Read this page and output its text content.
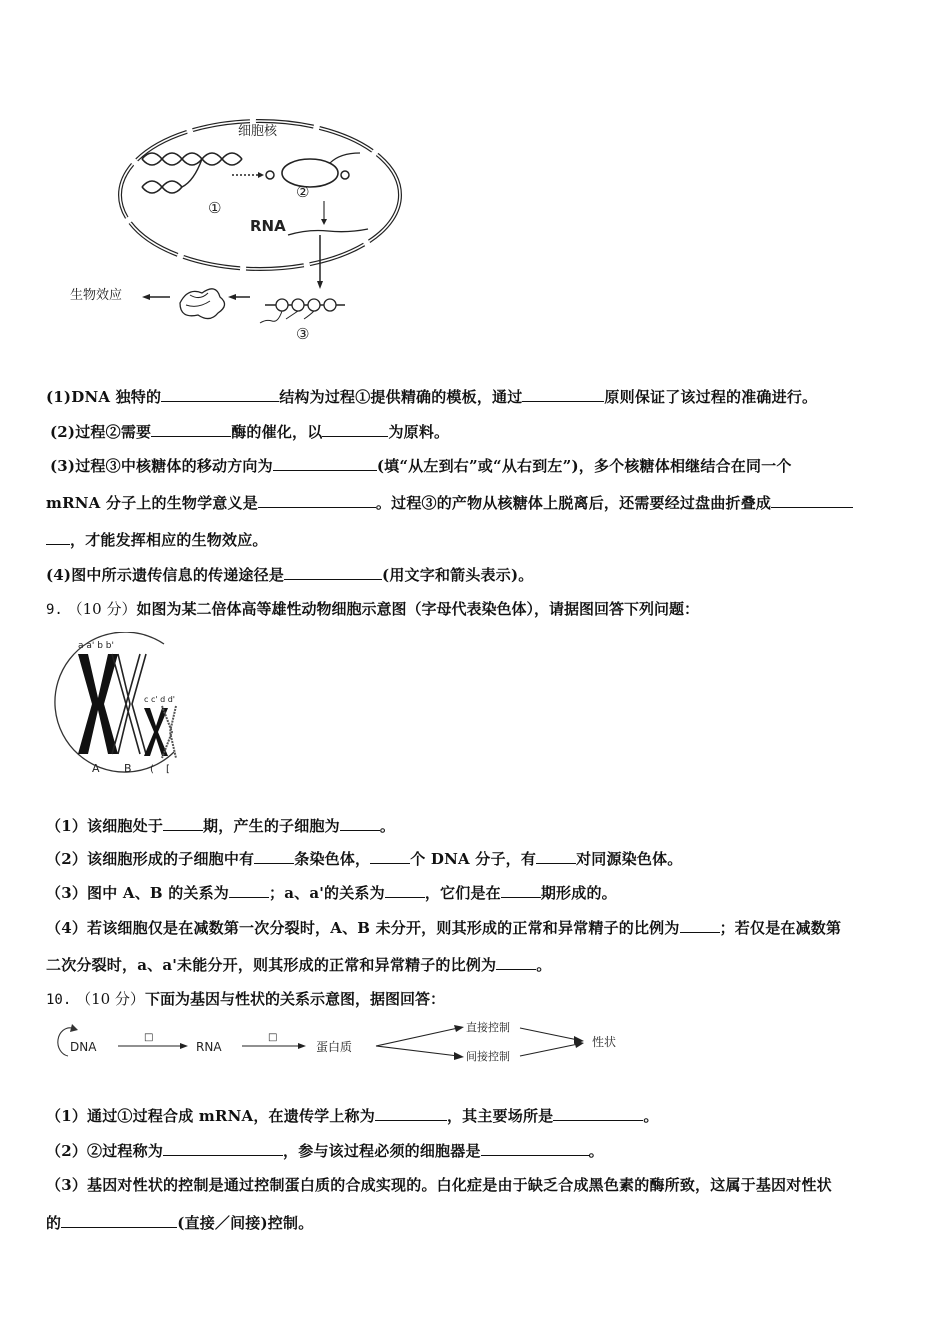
①
②
细胞核
RNA
③
生物效应
(1)DNA 独特的	结构为过程①提供精确的模板，通过	原则保证了该过程的准确进行。
(2)过程②需要	酶的催化，以	为原料。
(3)过程③中核糖体的移动方向为	(填“从左到右”或“从右到左”)，多个核糖体相继结合在同一个
mRNA 分子上的生物学意义是	。过程③的产物从核糖体上脱离后，还需要经过盘曲折叠成
，才能发挥相应的生物效应。
(4)图中所示遗传信息的传递途径是	(用文字和箭头表示)。
9. （10 分）如图为某二倍体高等雄性动物细胞示意图（字母代表染色体），请据图回答下列问题：
a a' b b'
c c' d d'
A B ( [
（1）该细胞处于	期，产生的子细胞为	。
（2）该细胞形成的子细胞中有	条染色体，	个 DNA 分子，有	对同源染色体。
（3）图中 A、B 的关系为	；a、a'的关系为	，它们是在	期形成的。
（4）若该细胞仅是在减数第一次分裂时，A、B 未分开，则其形成的正常和异常精子的比例为	；若仅是在减数第
二次分裂时，a、a'未能分开，则其形成的正常和异常精子的比例为	。
10. （10 分）下面为基因与性状的关系示意图，据图回答：
DNA
□
RNA
□
蛋白质
直接控制
间接控制
性状
（1）通过①过程合成 mRNA，在遗传学上称为	，其主要场所是	。
（2）②过程称为	，参与该过程必须的细胞器是	。
（3）基因对性状的控制是通过控制蛋白质的合成实现的。白化症是由于缺乏合成黑色素的酶所致，这属于基因对性状
的	(直接／间接)控制。
